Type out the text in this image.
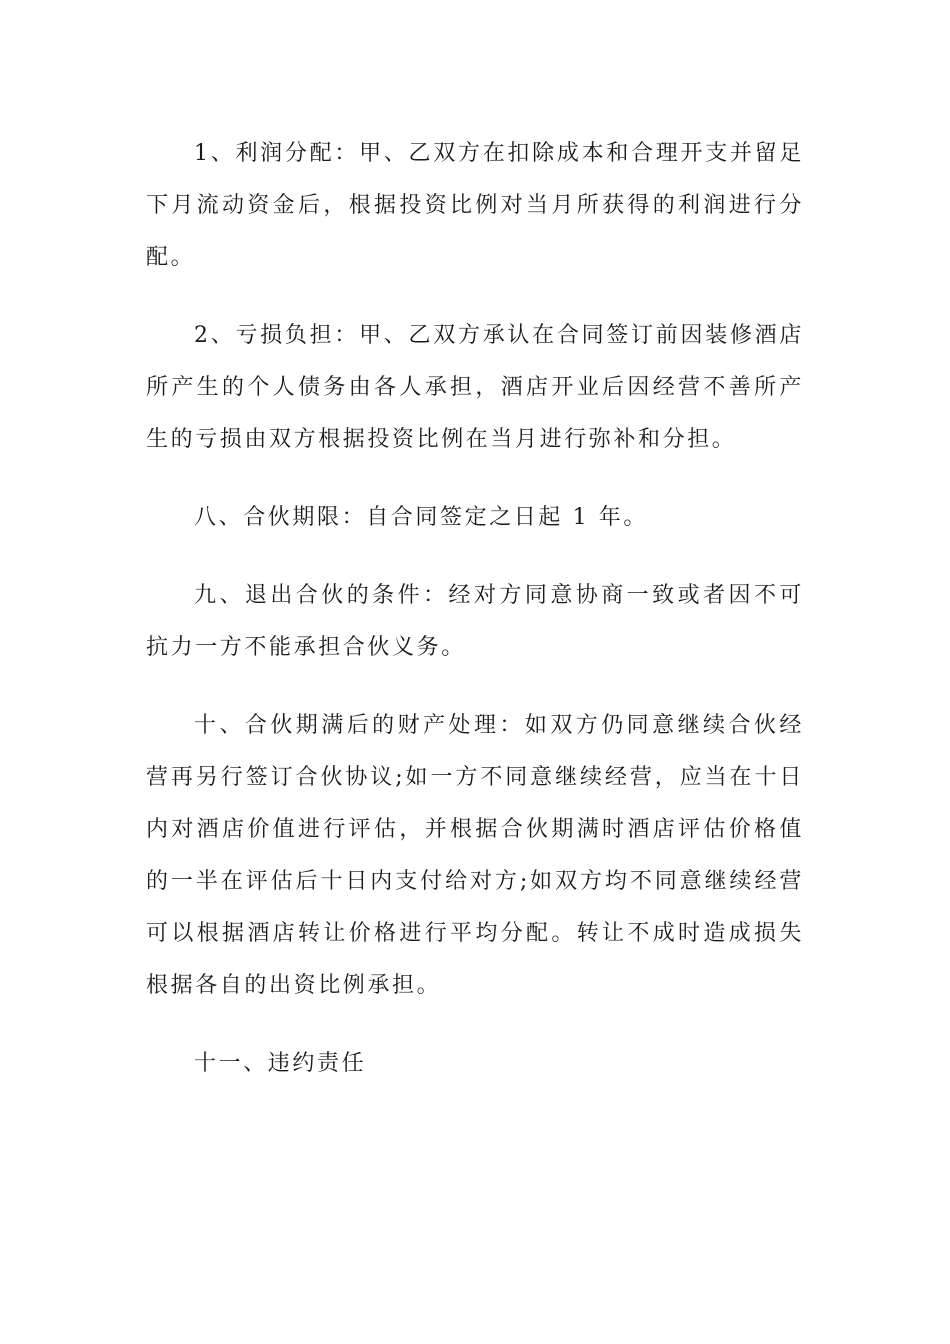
1、利润分配：甲、乙双方在扣除成本和合理开支并留足下月流动资金后，根据投资比例对当月所获得的利润进行分配。

2、亏损负担：甲、乙双方承认在合同签订前因装修酒店所产生的个人债务由各人承担，酒店开业后因经营不善所产生的亏损由双方根据投资比例在当月进行弥补和分担。

八、合伙期限：自合同签定之日起 1 年。

九、退出合伙的条件：经对方同意协商一致或者因不可抗力一方不能承担合伙义务。

十、合伙期满后的财产处理：如双方仍同意继续合伙经营再另行签订合伙协议;如一方不同意继续经营，应当在十日内对酒店价值进行评估，并根据合伙期满时酒店评估价格值的一半在评估后十日内支付给对方;如双方均不同意继续经营可以根据酒店转让价格进行平均分配。转让不成时造成损失根据各自的出资比例承担。

十一、违约责任
